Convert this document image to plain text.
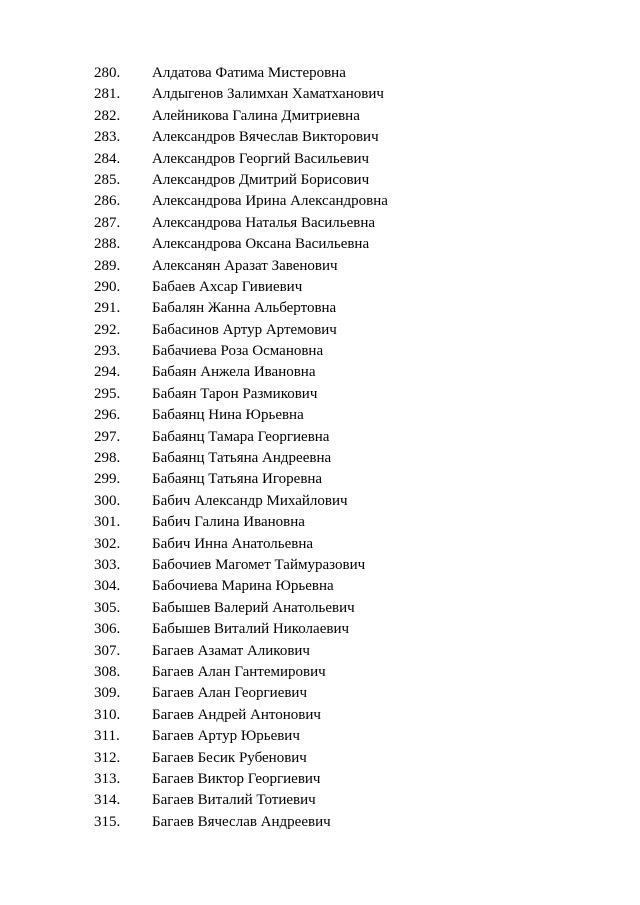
280. Алдатова Фатима Мистеровна
281. Алдыгенов Залимхан Хаматханович
282. Алейникова Галина Дмитриевна
283. Александров Вячеслав Викторович
284. Александров Георгий Васильевич
285. Александров Дмитрий Борисович
286. Александрова Ирина Александровна
287. Александрова Наталья Васильевна
288. Александрова Оксана Васильевна
289. Алексанян Аразат Завенович
290. Бабаев Ахсар Гивиевич
291. Бабалян Жанна Альбертовна
292. Бабасинов Артур Артемович
293. Бабачиева Роза Османовна
294. Бабаян Анжела Ивановна
295. Бабаян Тарон Размикович
296. Бабаянц Нина Юрьевна
297. Бабаянц Тамара Георгиевна
298. Бабаянц Татьяна Андреевна
299. Бабаянц Татьяна Игоревна
300. Бабич Александр Михайлович
301. Бабич Галина Ивановна
302. Бабич Инна Анатольевна
303. Бабочиев Магомет Таймуразович
304. Бабочиева Марина Юрьевна
305. Бабышев Валерий Анатольевич
306. Бабышев Виталий Николаевич
307. Багаев Азамат Аликович
308. Багаев Алан Гантемирович
309. Багаев Алан Георгиевич
310. Багаев Андрей Антонович
311. Багаев Артур Юрьевич
312. Багаев Бесик Рубенович
313. Багаев Виктор Георгиевич
314. Багаев Виталий Тотиевич
315. Багаев Вячеслав Андреевич
